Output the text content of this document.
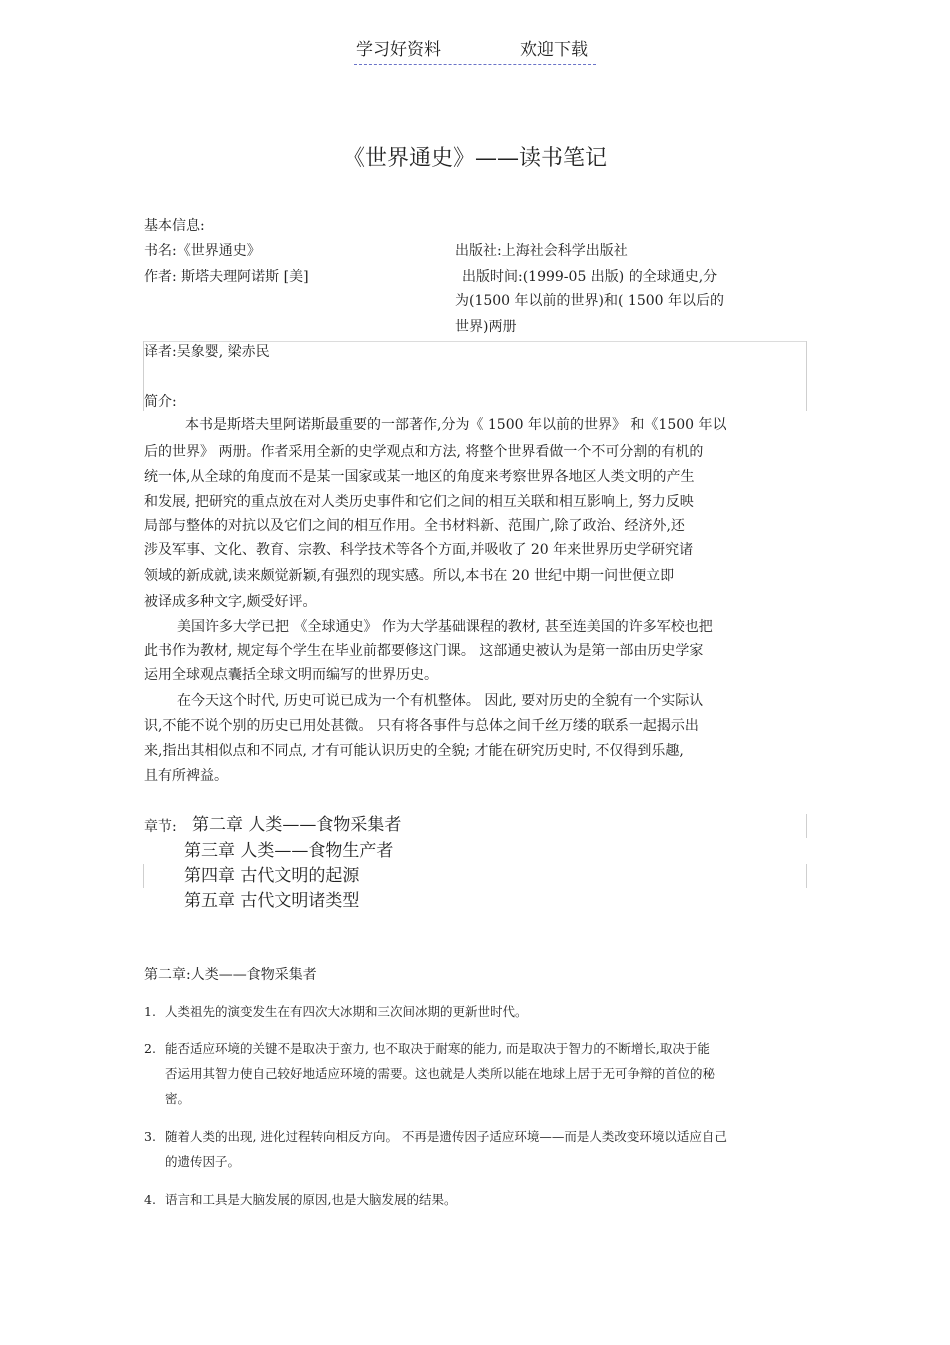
学习好资料	欢迎下载
《世界通史》——读书笔记
基本信息:
书名:《世界通史》	出版社:上海社会科学出版社
作者: 斯塔夫理阿诺斯 [美]	出版时间:(1999-05 出版) 的全球通史,分
为(1500 年以前的世界)和( 1500 年以后的
世界)两册
译者:吴象婴, 梁赤民
简介:
本书是斯塔夫里阿诺斯最重要的一部著作,分为《 1500 年以前的世界》 和《1500 年以
后的世界》 两册。作者采用全新的史学观点和方法, 将整个世界看做一个不可分割的有机的
统一体,从全球的角度而不是某一国家或某一地区的角度来考察世界各地区人类文明的产生
和发展, 把研究的重点放在对人类历史事件和它们之间的相互关联和相互影响上, 努力反映
局部与整体的对抗以及它们之间的相互作用。全书材料新、范围广,除了政治、经济外,还
涉及军事、文化、教育、宗教、科学技术等各个方面,并吸收了 20 年来世界历史学研究诸
领域的新成就,读来颇觉新颖,有强烈的现实感。所以,本书在 20 世纪中期一问世便立即
被译成多种文字,颇受好评。
美国许多大学已把 《全球通史》 作为大学基础课程的教材, 甚至连美国的许多军校也把
此书作为教材, 规定每个学生在毕业前都要修这门课。 这部通史被认为是第一部由历史学家
运用全球观点囊括全球文明而编写的世界历史。
在今天这个时代, 历史可说已成为一个有机整体。 因此, 要对历史的全貌有一个实际认
识,不能不说个别的历史已用处甚微。 只有将各事件与总体之间千丝万缕的联系一起揭示出
来,指出其相似点和不同点, 才有可能认识历史的全貌; 才能在研究历史时, 不仅得到乐趣,
且有所裨益。
章节: 第二章 人类——食物采集者
第三章 人类——食物生产者
第四章 古代文明的起源
第五章 古代文明诸类型
第二章:人类——食物采集者
1. 人类祖先的演变发生在有四次大冰期和三次间冰期的更新世时代。
2. 能否适应环境的关键不是取决于蛮力, 也不取决于耐寒的能力, 而是取决于智力的不断增长,取决于能
否运用其智力使自己较好地适应环境的需要。这也就是人类所以能在地球上居于无可争辩的首位的秘
密。
3. 随着人类的出现, 进化过程转向相反方向。 不再是遗传因子适应环境——而是人类改变环境以适应自己
的遗传因子。
4. 语言和工具是大脑发展的原因,也是大脑发展的结果。
